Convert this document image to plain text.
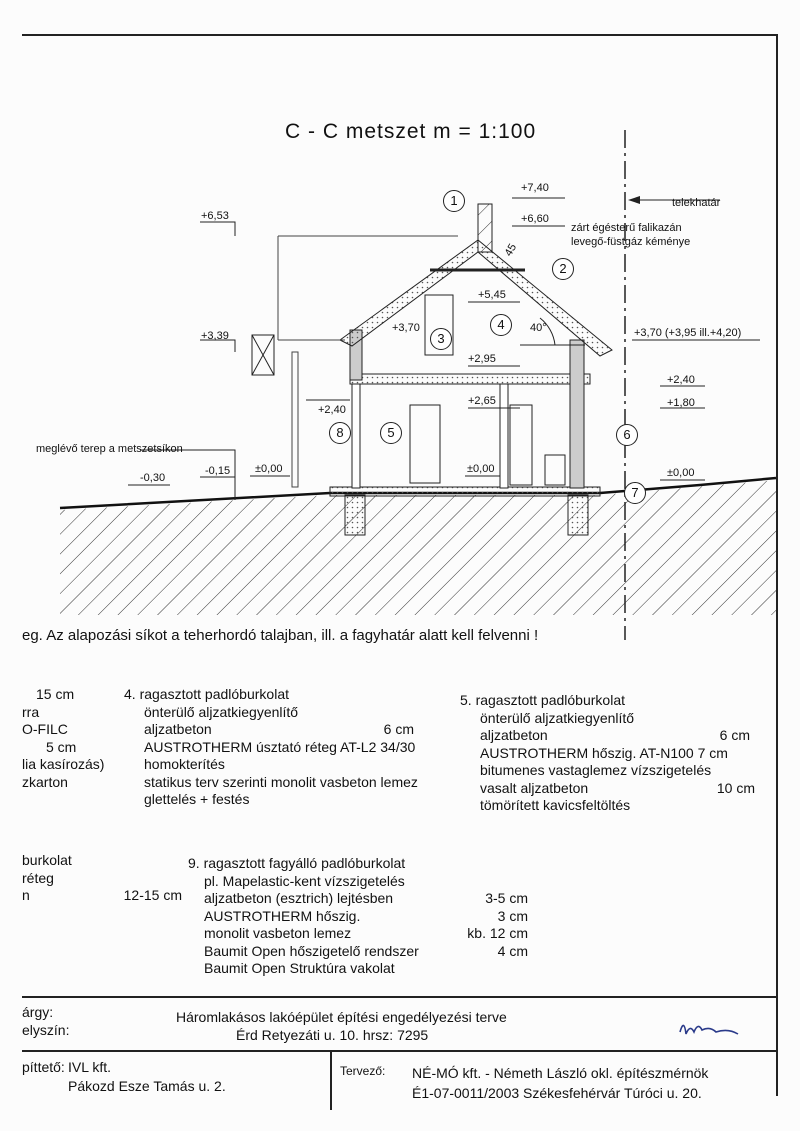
C - C metszet m = 1:100
+7,40
+6,60
+6,53
+5,45
+3,39
+3,70	+3,70 (+3,95 ill.+4,20)
+2,95
+2,65
+2,40
+2,40
+1,80
±0,00	±0,00	±0,00
-0,15
-0,30
telekhatár
zárt égésterű falikazán
levegő-füstgáz kéménye
meglévő terep a metszetsíkon
40°
45
1
2
3
4
5	6
7
8
eg. Az alapozási síkot a teherhordó talajban, ill. a fagyhatár alatt kell felvenni !
15 cm
rra
O-FILC
5 cm
lia kasírozás)
zkarton
4. ragasztott padlóburkolat
önterülő aljzatkiegyenlítő
aljzatbeton	6 cm
AUSTROTHERM úsztató réteg AT-L2 34/30
homokterítés
statikus terv szerinti monolit vasbeton lemez
glettelés + festés
5. ragasztott padlóburkolat
önterülő aljzatkiegyenlítő
aljzatbeton	6 cm
AUSTROTHERM hőszig. AT-N100 7 cm
bitumenes vastaglemez vízszigetelés
vasalt aljzatbeton	10 cm
tömörített kavicsfeltöltés
burkolat
réteg
n	12-15 cm
9. ragasztott fagyálló padlóburkolat
pl. Mapelastic-kent vízszigetelés
aljzatbeton (esztrich) lejtésben	3-5 cm
AUSTROTHERM hőszig.	3 cm
monolit vasbeton lemez	kb. 12 cm
Baumit Open hőszigetelő rendszer	4 cm
Baumit Open Struktúra vakolat
árgy:
elyszín:
Háromlakásos lakóépület építési engedélyezési terve
Érd Retyezáti u. 10. hrsz: 7295
píttető: IVL kft.
Pákozd Esze Tamás u. 2.
Tervező: NÉ-MÓ kft. - Németh László okl. építészmérnök
É1-07-0011/2003 Székesfehérvár Túróci u. 20.
